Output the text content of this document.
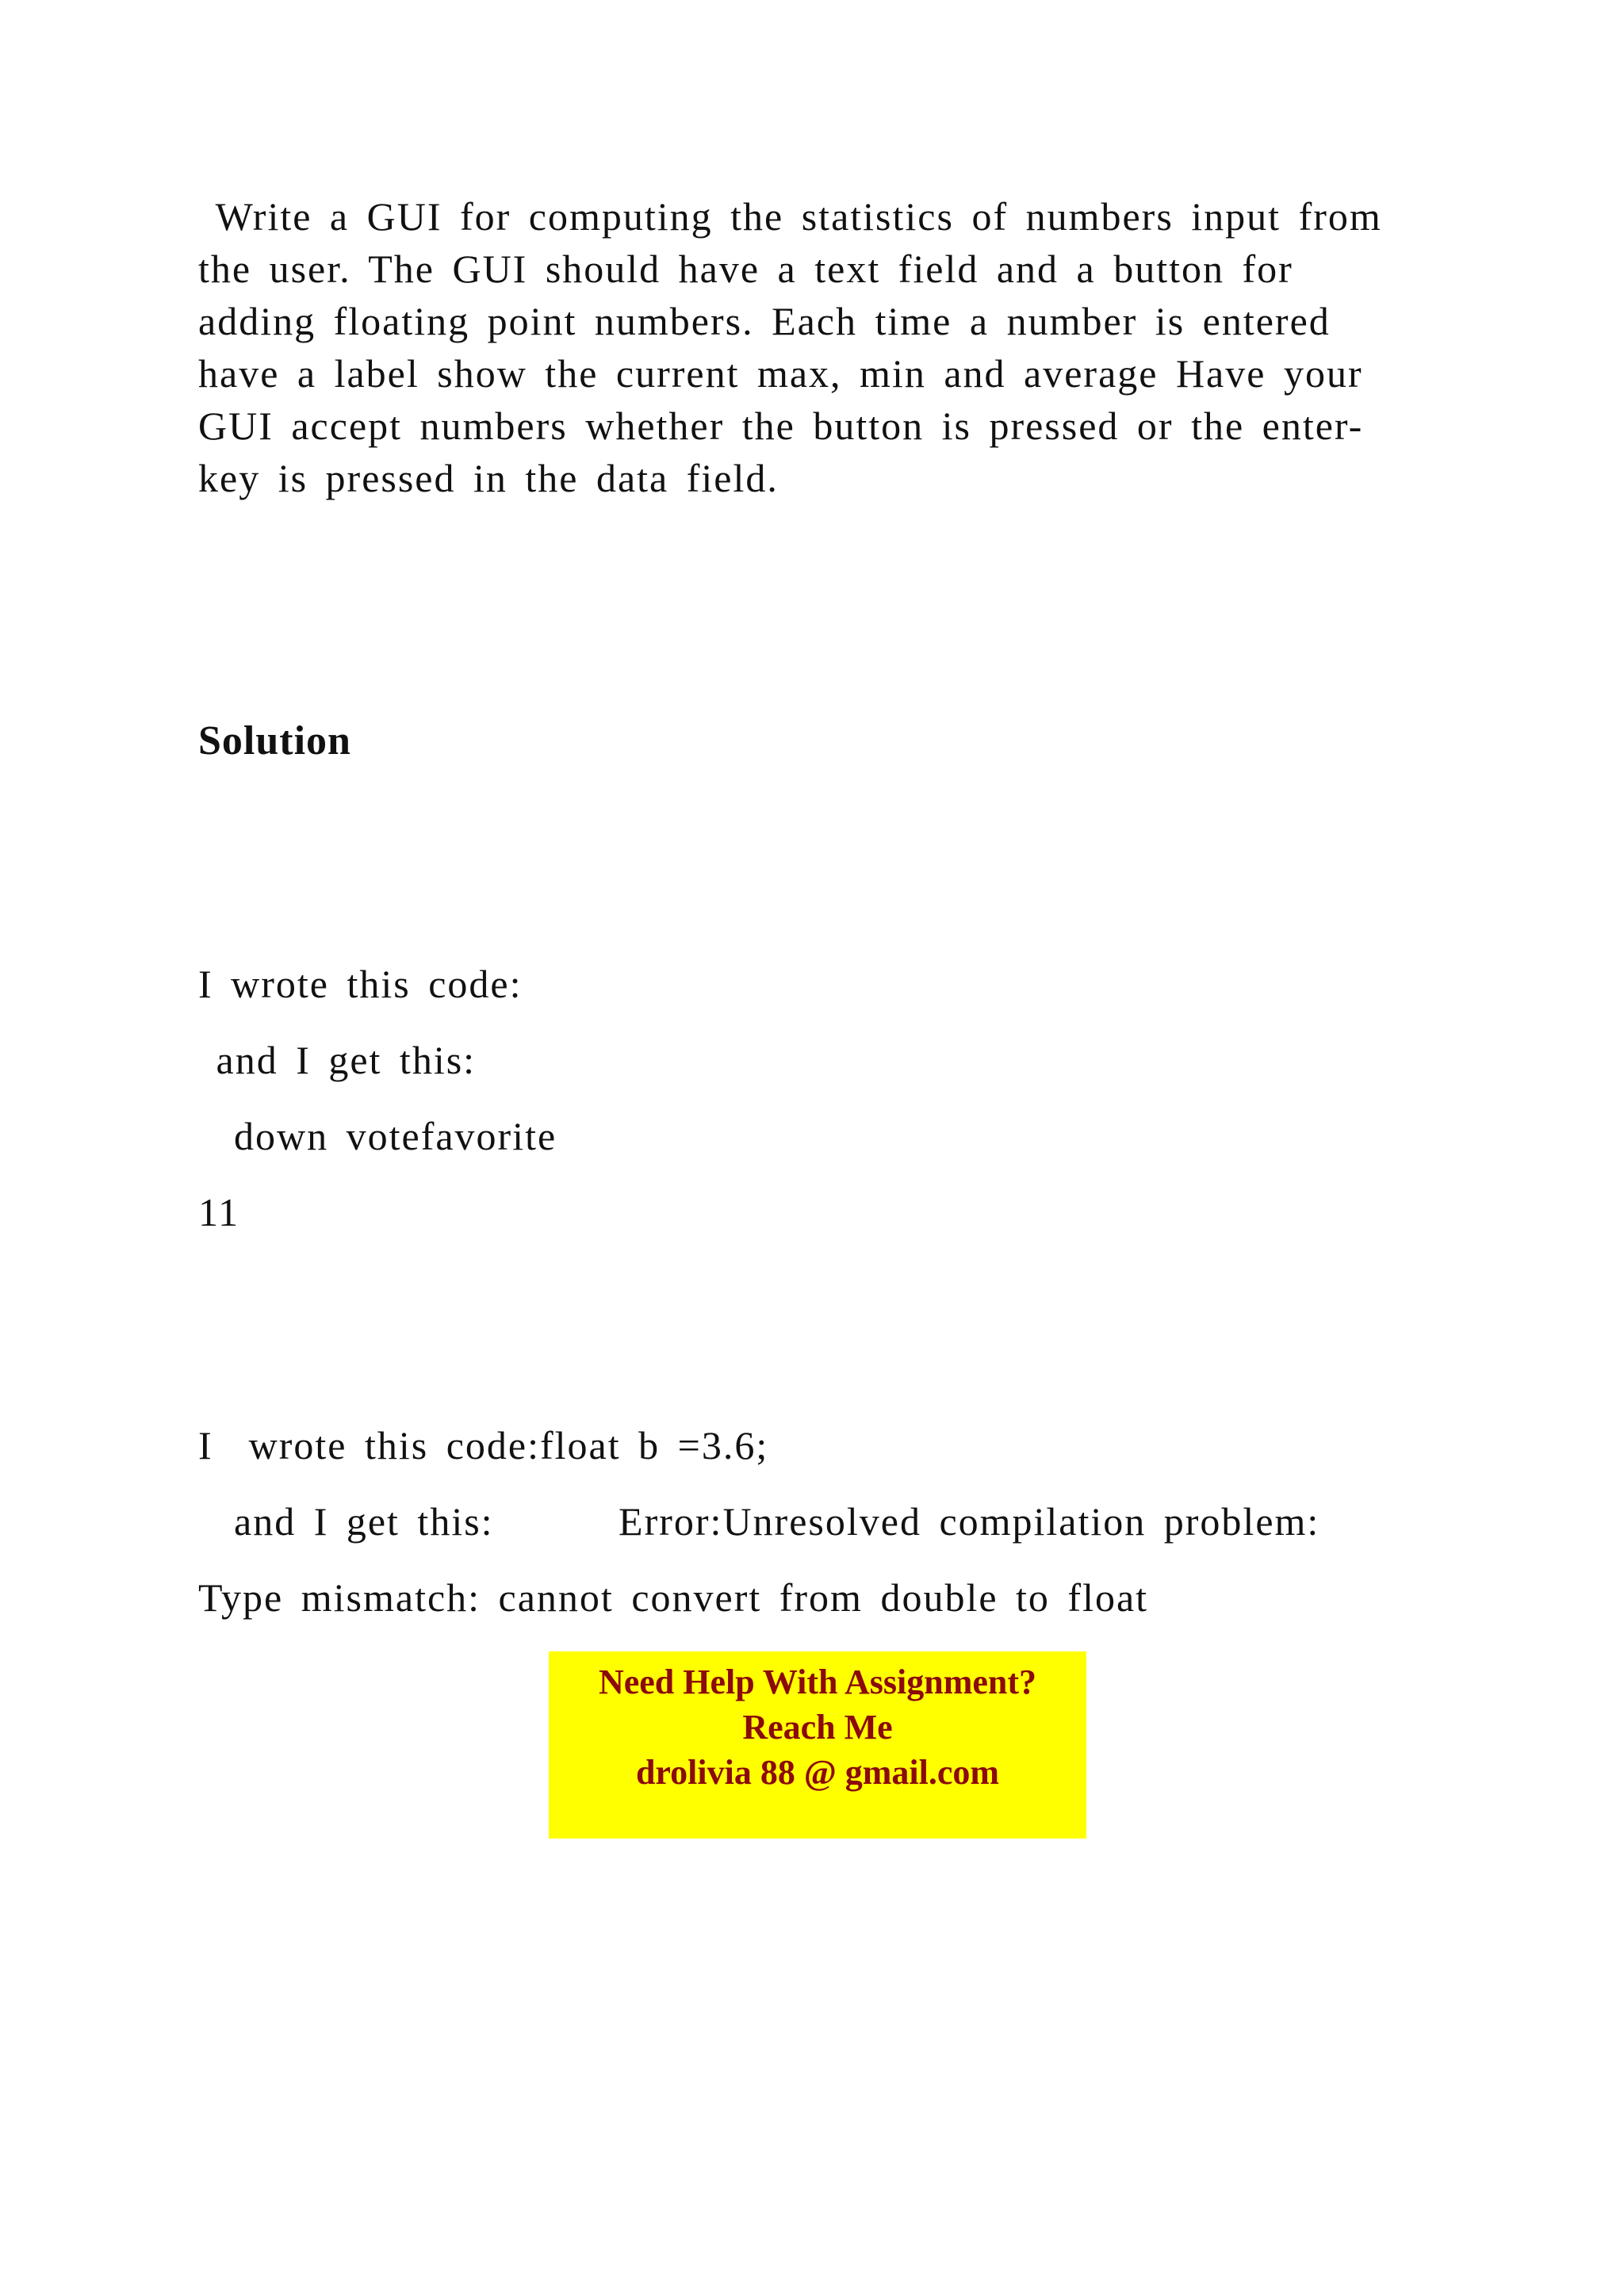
Write a GUI for computing the statistics of numbers input from
the user. The GUI should have a text field and a button for
adding floating point numbers. Each time a number is entered
have a label show the current max, min and average Have your
GUI accept numbers whether the button is pressed or the enter-
key is pressed in the data field.
Solution
I wrote this code:
and I get this:
down votefavorite
11
I  wrote this code:float b =3.6;
and I get this:       Error:Unresolved compilation problem:
Type mismatch: cannot convert from double to float
Need Help With Assignment?
Reach Me
drolivia 88 @ gmail.com
